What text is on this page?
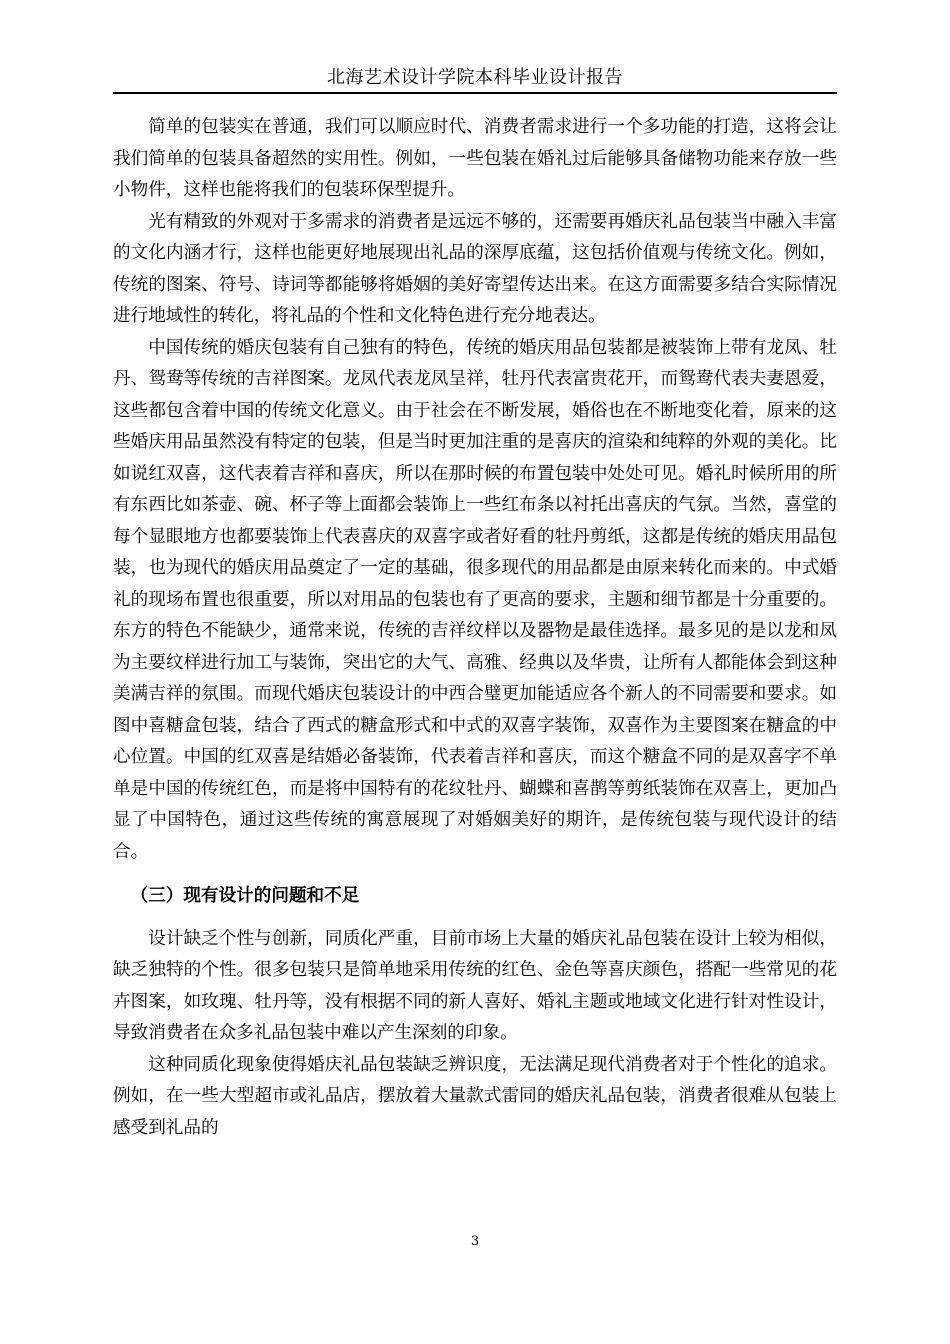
北海艺术设计学院本科毕业设计报告

简单的包装实在普通，我们可以顺应时代、消费者需求进行一个多功能的打造，这将会让我们简单的包装具备超然的实用性。例如，一些包装在婚礼过后能够具备储物功能来存放一些小物件，这样也能将我们的包装环保型提升。

光有精致的外观对于多需求的消费者是远远不够的，还需要再婚庆礼品包装当中融入丰富的文化内涵才行，这样也能更好地展现出礼品的深厚底蕴，这包括价值观与传统文化。例如，传统的图案、符号、诗词等都能够将婚姻的美好寄望传达出来。在这方面需要多结合实际情况进行地域性的转化，将礼品的个性和文化特色进行充分地表达。

中国传统的婚庆包装有自己独有的特色，传统的婚庆用品包装都是被装饰上带有龙凤、牡丹、鸳鸯等传统的吉祥图案。龙凤代表龙凤呈祥，牡丹代表富贵花开，而鸳鸯代表夫妻恩爱，这些都包含着中国的传统文化意义。由于社会在不断发展，婚俗也在不断地变化着，原来的这些婚庆用品虽然没有特定的包装，但是当时更加注重的是喜庆的渲染和纯粹的外观的美化。比如说红双喜，这代表着吉祥和喜庆，所以在那时候的布置包装中处处可见。婚礼时候所用的所有东西比如茶壶、碗、杯子等上面都会装饰上一些红布条以衬托出喜庆的气氛。当然，喜堂的每个显眼地方也都要装饰上代表喜庆的双喜字或者好看的牡丹剪纸，这都是传统的婚庆用品包装，也为现代的婚庆用品奠定了一定的基础，很多现代的用品都是由原来转化而来的。中式婚礼的现场布置也很重要，所以对用品的包装也有了更高的要求，主题和细节都是十分重要的。东方的特色不能缺少，通常来说，传统的吉祥纹样以及器物是最佳选择。最多见的是以龙和凤为主要纹样进行加工与装饰，突出它的大气、高雅、经典以及华贵，让所有人都能体会到这种美满吉祥的氛围。而现代婚庆包装设计的中西合璧更加能适应各个新人的不同需要和要求。如图中喜糖盒包装，结合了西式的糖盒形式和中式的双喜字装饰，双喜作为主要图案在糖盒的中心位置。中国的红双喜是结婚必备装饰，代表着吉祥和喜庆，而这个糖盒不同的是双喜字不单单是中国的传统红色，而是将中国特有的花纹牡丹、蝴蝶和喜鹊等剪纸装饰在双喜上，更加凸显了中国特色，通过这些传统的寓意展现了对婚姻美好的期许，是传统包装与现代设计的结合。

（三）现有设计的问题和不足

设计缺乏个性与创新，同质化严重，目前市场上大量的婚庆礼品包装在设计上较为相似，缺乏独特的个性。很多包装只是简单地采用传统的红色、金色等喜庆颜色，搭配一些常见的花卉图案，如玫瑰、牡丹等，没有根据不同的新人喜好、婚礼主题或地域文化进行针对性设计，导致消费者在众多礼品包装中难以产生深刻的印象。

这种同质化现象使得婚庆礼品包装缺乏辨识度，无法满足现代消费者对于个性化的追求。例如，在一些大型超市或礼品店，摆放着大量款式雷同的婚庆礼品包装，消费者很难从包装上感受到礼品的

3
